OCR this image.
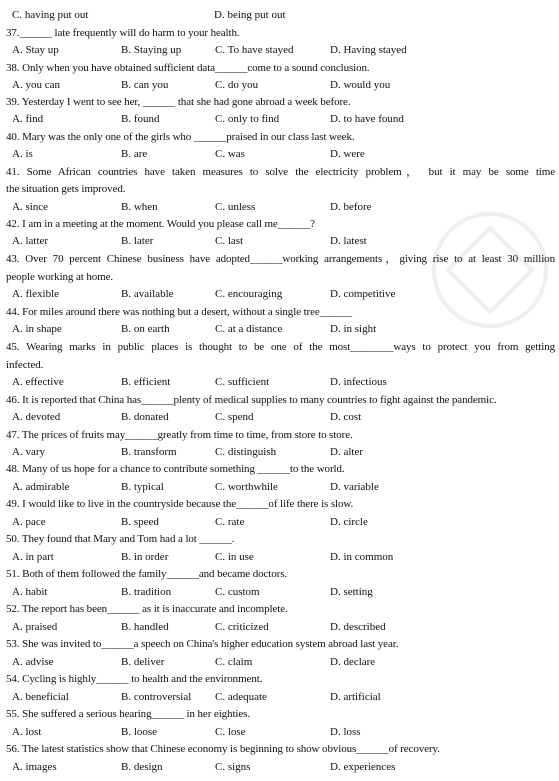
C. having put out	D. being put out
37.______ late frequently will do harm to your health.
A. Stay up	B. Staying up	C. To have stayed	D. Having stayed
38. Only when you have obtained sufficient data______come to a sound conclusion.
A. you can	B. can you	C. do you	D. would you
39. Yesterday I went to see her, ______ that she had gone abroad a week before.
A. find	B. found	C. only to find	D. to have found
40. Mary was the only one of the girls who ______praised in our class last week.
A. is	B. are	C. was	D. were
41. Some African countries have taken measures to solve the electricity problem， but it may be some time
the situation gets improved.
A. since	B. when	C. unless	D. before
42. I am in a meeting at the moment. Would you please call me______?
A. latter	B. later	C. last	D. latest
43. Over 70 percent Chinese business have adopted______working arrangements，giving rise to at least 30 million
people working at home.
A. flexible	B. available	C. encouraging	D. competitive
44. For miles around there was nothing but a desert, without a single tree______
A. in shape	B. on earth	C. at a distance	D. in sight
45. Wearing marks in public places is thought to be one of the most________ways to protect you from getting
infected.
A. effective	B. efficient	C. sufficient	D. infectious
46. It is reported that China has______plenty of medical supplies to many countries to fight against the pandemic.
A. devoted	B. donated	C. spend	D. cost
47. The prices of fruits may______greatly from time to time, from store to store.
A. vary	B. transform	C. distinguish	D. alter
48. Many of us hope for a chance to contribute something ______to the world.
A. admirable	B. typical	C. worthwhile	D. variable
49. I would like to live in the countryside because the______of life there is slow.
A. pace	B. speed	C. rate	D. circle
50. They found that Mary and Tom had a lot ______.
A. in part	B. in order	C. in use	D. in common
51. Both of them followed the family______and became doctors.
A. habit	B. tradition	C. custom	D. setting
52. The report has been______ as it is inaccurate and incomplete.
A. praised	B. handled	C. criticized	D. described
53. She was invited to______a speech on China's higher education system abroad last year.
A. advise	B. deliver	C. claim	D. declare
54. Cycling is highly______ to health and the environment.
A. beneficial	B. controversial C. adequate	D. artificial
55. She suffered a serious hearing______ in her eighties.
A. lost	B. loose	C. lose	D. loss
56. The latest statistics show that Chinese economy is beginning to show obvious______of recovery.
A. images	B. design	C. signs	D. experiences
